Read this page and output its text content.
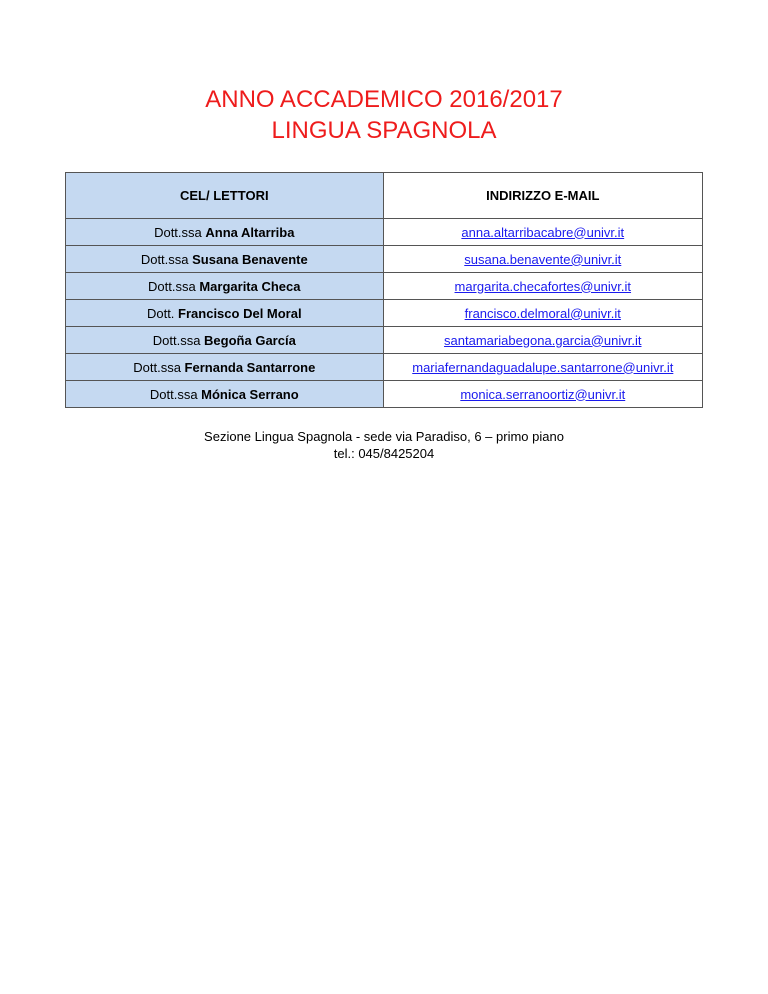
ANNO ACCADEMICO 2016/2017
LINGUA SPAGNOLA
CEL/ LETTORI	INDIRIZZO E-MAIL
Dott.ssa Anna Altarriba	anna.altarribacabre@univr.it
Dott.ssa Susana Benavente	susana.benavente@univr.it
Dott.ssa Margarita Checa	margarita.checafortes@univr.it
Dott. Francisco Del Moral	francisco.delmoral@univr.it
Dott.ssa Begoña García	santamariabegona.garcia@univr.it
Dott.ssa Fernanda Santarrone	mariafernandaguadalupe.santarrone@univr.it
Dott.ssa Mónica Serrano	monica.serranoortiz@univr.it
Sezione Lingua Spagnola - sede via Paradiso, 6 – primo piano
tel.: 045/8425204
